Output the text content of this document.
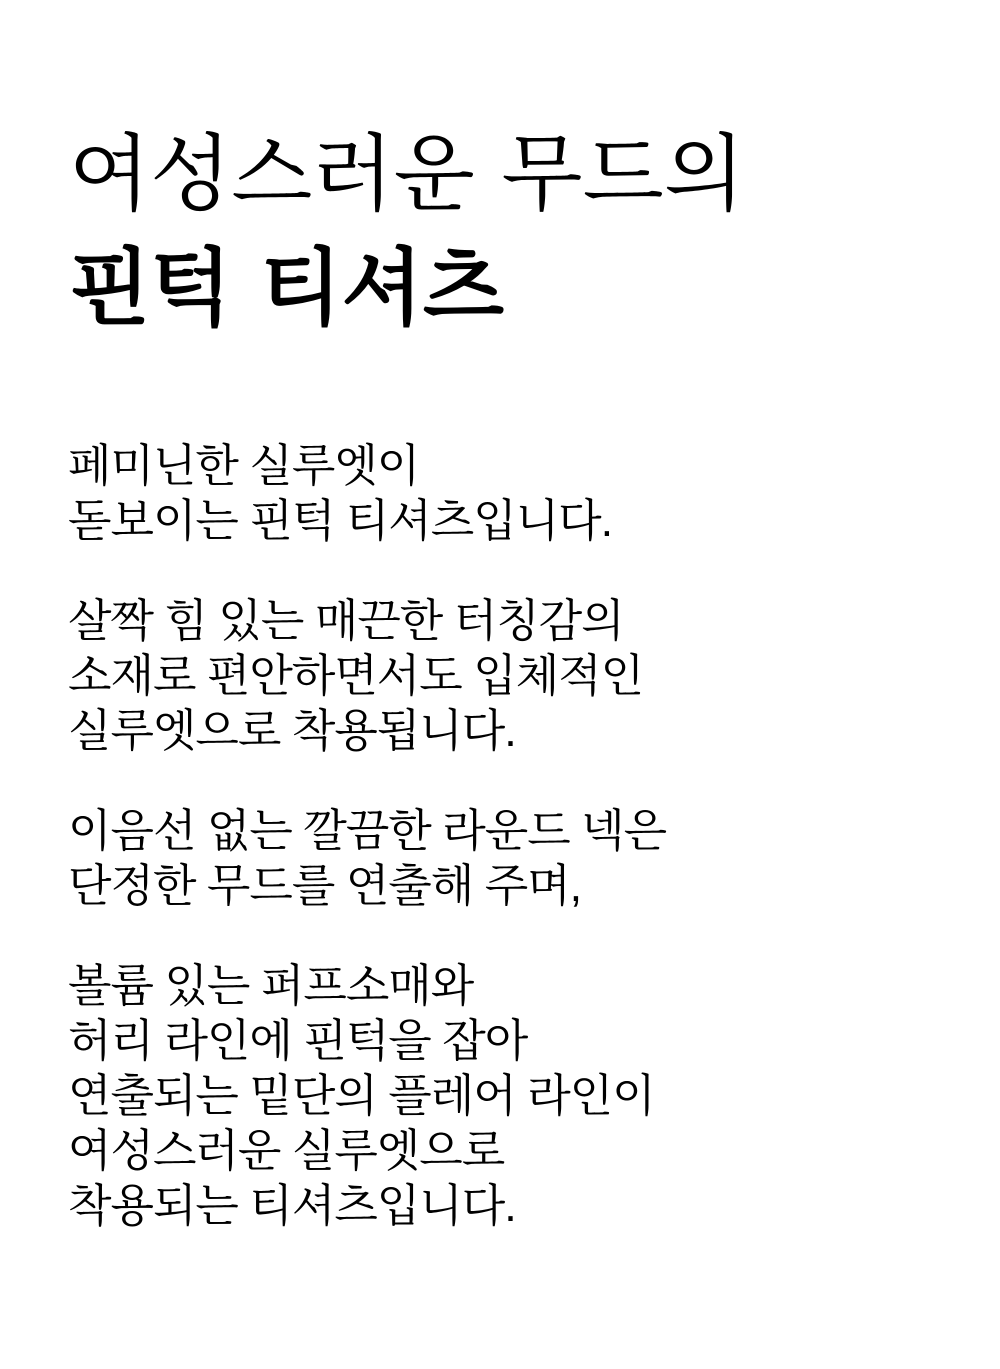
여성스러운 무드의
핀턱 티셔츠

페미닌한 실루엣이
돋보이는 핀턱 티셔츠입니다.

살짝 힘 있는 매끈한 터칭감의
소재로 편안하면서도 입체적인
실루엣으로 착용됩니다.

이음선 없는 깔끔한 라운드 넥은
단정한 무드를 연출해 주며,

볼륨 있는 퍼프소매와
허리 라인에 핀턱을 잡아
연출되는 밑단의 플레어 라인이
여성스러운 실루엣으로
착용되는 티셔츠입니다.
